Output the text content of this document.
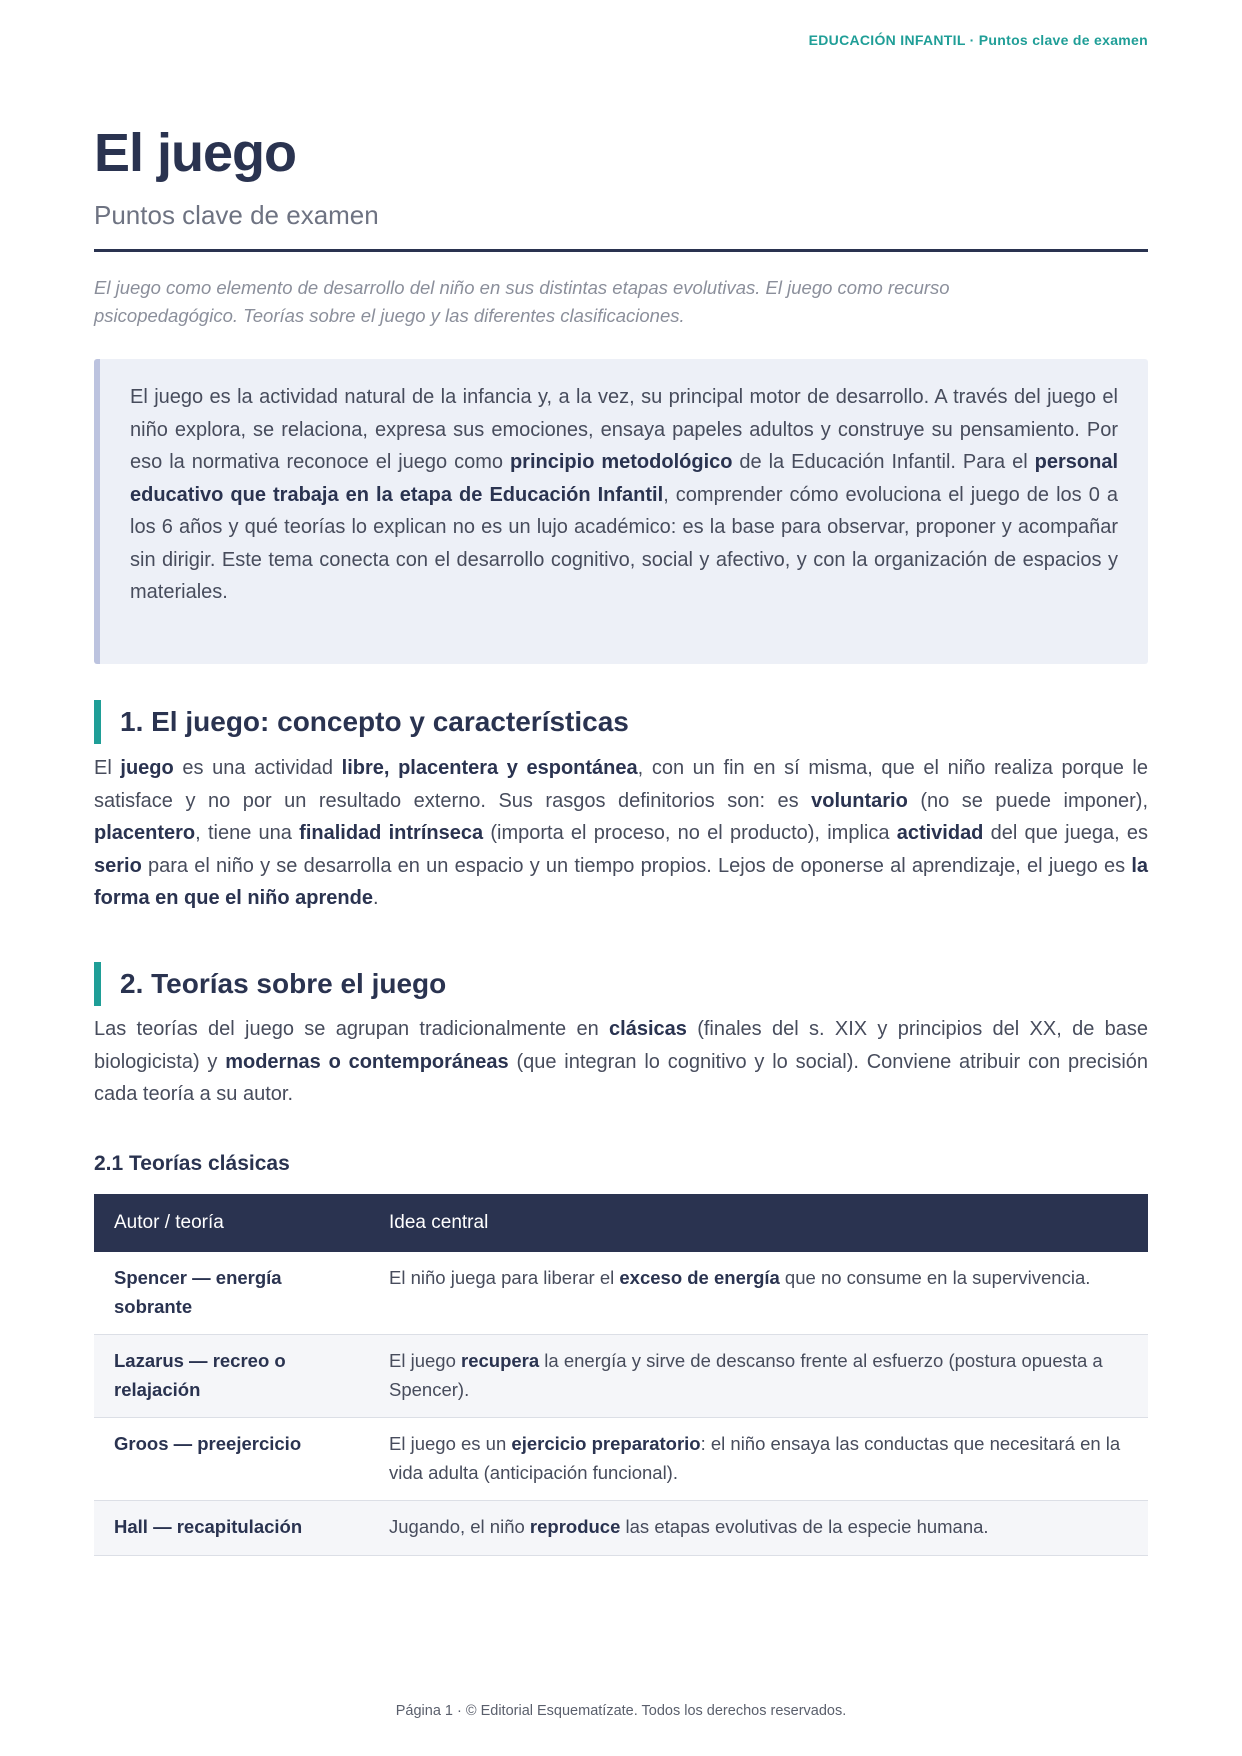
EDUCACIÓN INFANTIL · Puntos clave de examen
El juego
Puntos clave de examen

El juego como elemento de desarrollo del niño en sus distintas etapas evolutivas. El juego como recurso psicopedagógico. Teorías sobre el juego y las diferentes clasificaciones.

El juego es la actividad natural de la infancia y, a la vez, su principal motor de desarrollo. A través del juego el niño explora, se relaciona, expresa sus emociones, ensaya papeles adultos y construye su pensamiento. Por eso la normativa reconoce el juego como principio metodológico de la Educación Infantil. Para el personal educativo que trabaja en la etapa de Educación Infantil, comprender cómo evoluciona el juego de los 0 a los 6 años y qué teorías lo explican no es un lujo académico: es la base para observar, proponer y acompañar sin dirigir. Este tema conecta con el desarrollo cognitivo, social y afectivo, y con la organización de espacios y materiales.

1. El juego: concepto y características

El juego es una actividad libre, placentera y espontánea, con un fin en sí misma, que el niño realiza porque le satisface y no por un resultado externo. Sus rasgos definitorios son: es voluntario (no se puede imponer), placentero, tiene una finalidad intrínseca (importa el proceso, no el producto), implica actividad del que juega, es serio para el niño y se desarrolla en un espacio y un tiempo propios. Lejos de oponerse al aprendizaje, el juego es la forma en que el niño aprende.

2. Teorías sobre el juego

Las teorías del juego se agrupan tradicionalmente en clásicas (finales del s. XIX y principios del XX, de base biologicista) y modernas o contemporáneas (que integran lo cognitivo y lo social). Conviene atribuir con precisión cada teoría a su autor.

2.1 Teorías clásicas
Autor / teoría	Idea central
Spencer — energía sobrante	El niño juega para liberar el exceso de energía que no consume en la supervivencia.
Lazarus — recreo o relajación	El juego recupera la energía y sirve de descanso frente al esfuerzo (postura opuesta a Spencer).
Groos — preejercicio	El juego es un ejercicio preparatorio: el niño ensaya las conductas que necesitará en la vida adulta (anticipación funcional).
Hall — recapitulación	Jugando, el niño reproduce las etapas evolutivas de la especie humana.
Página 1 · © Editorial Esquematízate. Todos los derechos reservados.
